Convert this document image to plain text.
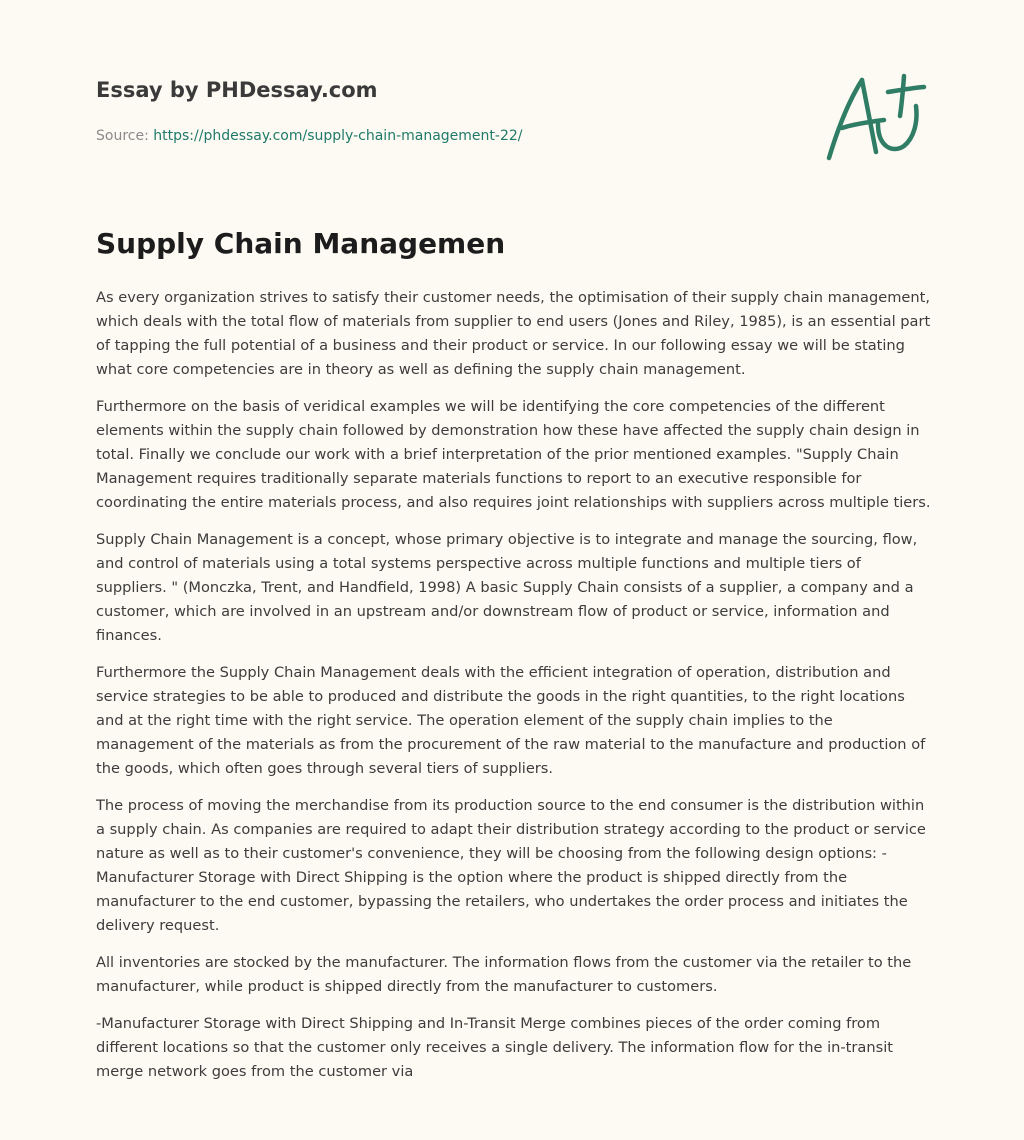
Essay by PHDessay.com
Source: https://phdessay.com/supply-chain-management-22/
Supply Chain Managemen

As every organization strives to satisfy their customer needs, the optimisation of their supply chain management, which deals with the total flow of materials from supplier to end users (Jones and Riley, 1985), is an essential part of tapping the full potential of a business and their product or service. In our following essay we will be stating what core competencies are in theory as well as defining the supply chain management.

Furthermore on the basis of veridical examples we will be identifying the core competencies of the different elements within the supply chain followed by demonstration how these have affected the supply chain design in total. Finally we conclude our work with a brief interpretation of the prior mentioned examples. "Supply Chain Management requires traditionally separate materials functions to report to an executive responsible for coordinating the entire materials process, and also requires joint relationships with suppliers across multiple tiers.

Supply Chain Management is a concept, whose primary objective is to integrate and manage the sourcing, flow, and control of materials using a total systems perspective across multiple functions and multiple tiers of suppliers. " (Monczka, Trent, and Handfield, 1998) A basic Supply Chain consists of a supplier, a company and a customer, which are involved in an upstream and/or downstream flow of product or service, information and finances.

Furthermore the Supply Chain Management deals with the efficient integration of operation, distribution and service strategies to be able to produced and distribute the goods in the right quantities, to the right locations and at the right time with the right service. The operation element of the supply chain implies to the management of the materials as from the procurement of the raw material to the manufacture and production of the goods, which often goes through several tiers of suppliers.

The process of moving the merchandise from its production source to the end consumer is the distribution within a supply chain. As companies are required to adapt their distribution strategy according to the product or service nature as well as to their customer's convenience, they will be choosing from the following design options: - Manufacturer Storage with Direct Shipping is the option where the product is shipped directly from the manufacturer to the end customer, bypassing the retailers, who undertakes the order process and initiates the delivery request.

All inventories are stocked by the manufacturer. The information flows from the customer via the retailer to the manufacturer, while product is shipped directly from the manufacturer to customers.

-Manufacturer Storage with Direct Shipping and In-Transit Merge combines pieces of the order coming from different locations so that the customer only receives a single delivery. The information flow for the in-transit merge network goes from the customer via
